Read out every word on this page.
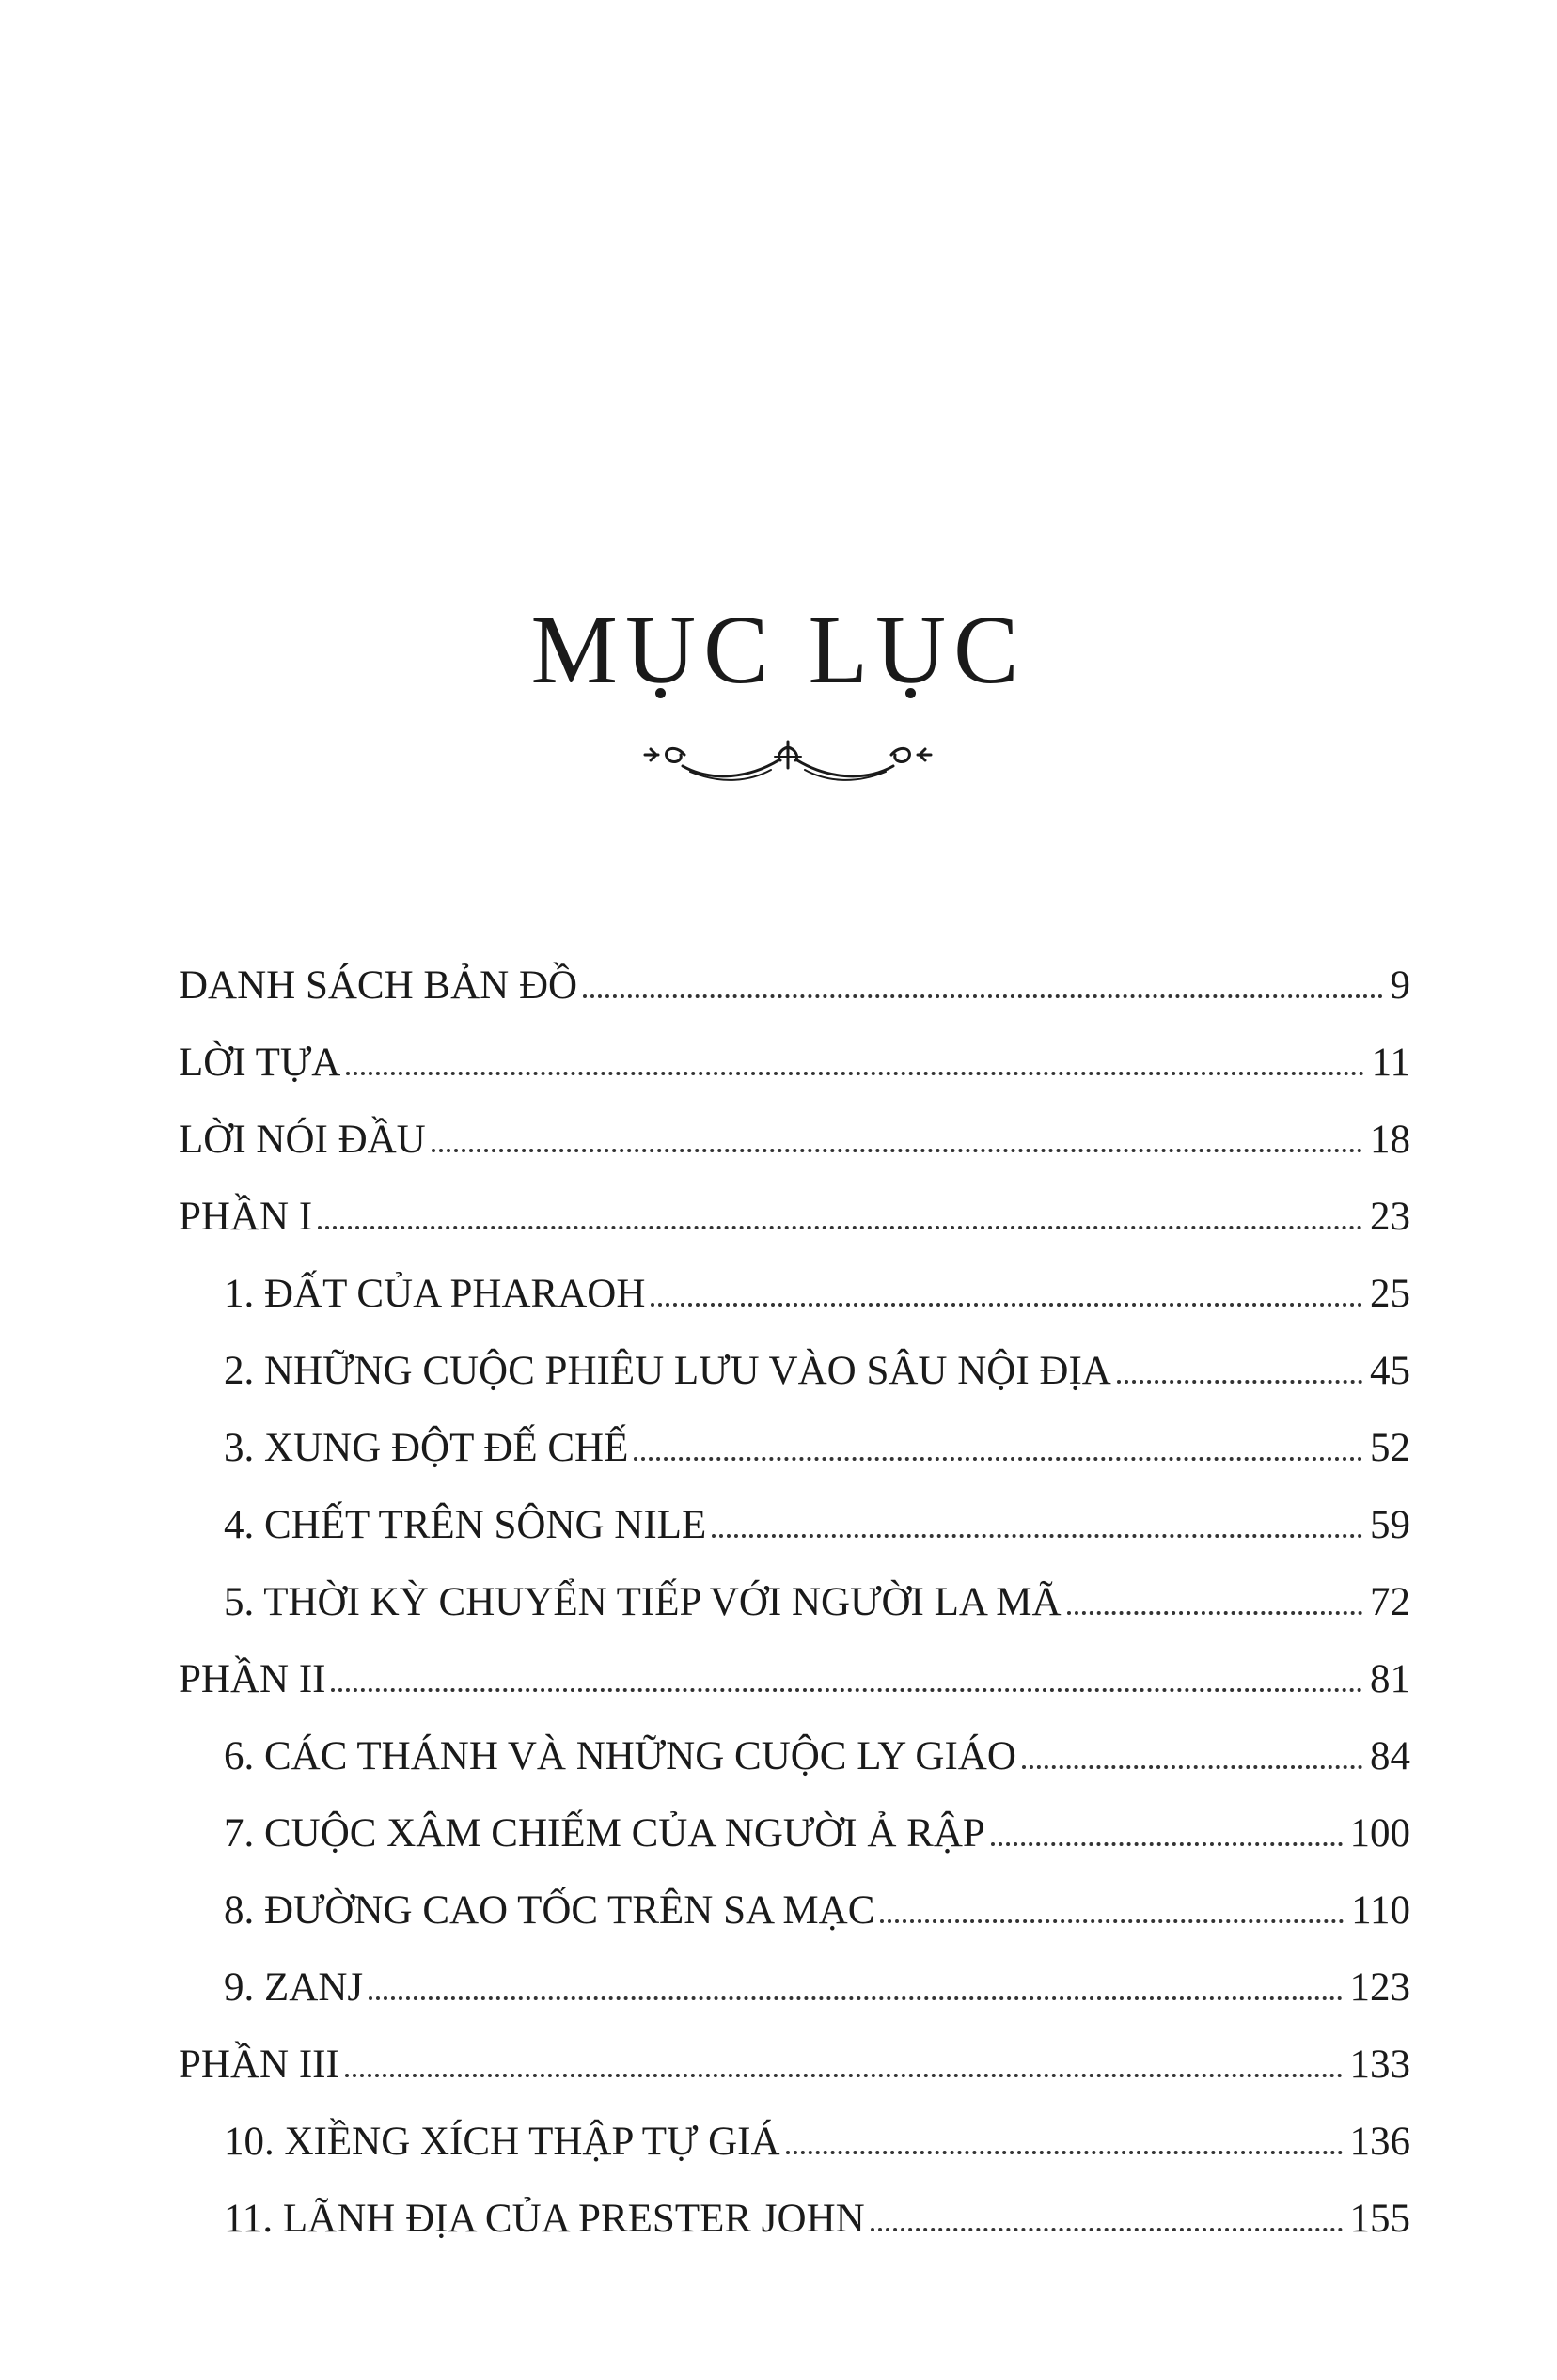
MỤC LỤC
DANH SÁCH BẢN ĐỒ	9
LỜI TỰA	11
LỜI NÓI ĐẦU	18
PHẦN I	23
1. ĐẤT CỦA PHARAOH	25
2. NHỮNG CUỘC PHIÊU LƯU VÀO SÂU NỘI ĐỊA	45
3. XUNG ĐỘT ĐẾ CHẾ	52
4. CHẾT TRÊN SÔNG NILE	59
5. THỜI KỲ CHUYỂN TIẾP VỚI NGƯỜI LA MÃ	72
PHẦN II	81
6. CÁC THÁNH VÀ NHỮNG CUỘC LY GIÁO	84
7. CUỘC XÂM CHIẾM CỦA NGƯỜI Ả RẬP	100
8. ĐƯỜNG CAO TỐC TRÊN SA MẠC	110
9. ZANJ	123
PHẦN III	133
10. XIỀNG XÍCH THẬP TỰ GIÁ	136
11. LÃNH ĐỊA CỦA PRESTER JOHN	155
